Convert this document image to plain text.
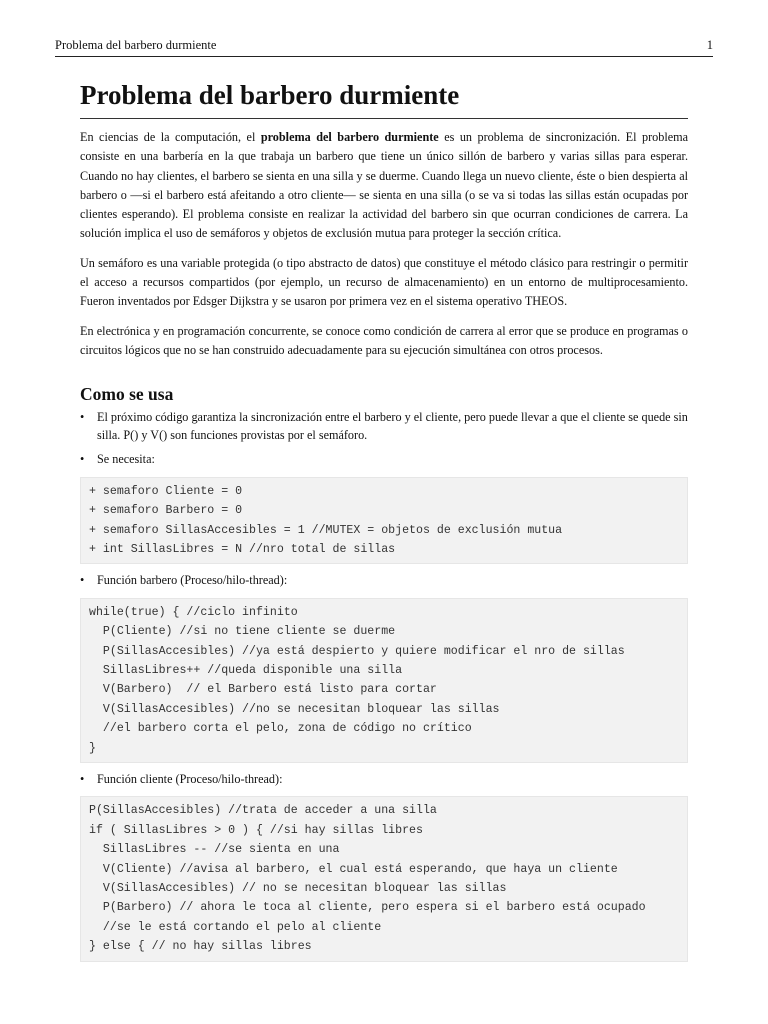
Problema del barbero durmiente	1
Problema del barbero durmiente

En ciencias de la computación, el problema del barbero durmiente es un problema de sincronización. El problema consiste en una barbería en la que trabaja un barbero que tiene un único sillón de barbero y varias sillas para esperar. Cuando no hay clientes, el barbero se sienta en una silla y se duerme. Cuando llega un nuevo cliente, éste o bien despierta al barbero o —si el barbero está afeitando a otro cliente— se sienta en una silla (o se va si todas las sillas están ocupadas por clientes esperando). El problema consiste en realizar la actividad del barbero sin que ocurran condiciones de carrera. La solución implica el uso de semáforos y objetos de exclusión mutua para proteger la sección crítica.

Un semáforo es una variable protegida (o tipo abstracto de datos) que constituye el método clásico para restringir o permitir el acceso a recursos compartidos (por ejemplo, un recurso de almacenamiento) en un entorno de multiprocesamiento. Fueron inventados por Edsger Dijkstra y se usaron por primera vez en el sistema operativo THEOS.

En electrónica y en programación concurrente, se conoce como condición de carrera al error que se produce en programas o circuitos lógicos que no se han construido adecuadamente para su ejecución simultánea con otros procesos.

Como se usa
• El próximo código garantiza la sincronización entre el barbero y el cliente, pero puede llevar a que el cliente se quede sin silla. P() y V() son funciones provistas por el semáforo.
• Se necesita:
+ semaforo Cliente = 0
+ semaforo Barbero = 0
+ semaforo SillasAccesibles = 1 //MUTEX = objetos de exclusión mutua
+ int SillasLibres = N //nro total de sillas
• Función barbero (Proceso/hilo-thread):
while(true) { //ciclo infinito
P(Cliente) //si no tiene cliente se duerme
P(SillasAccesibles) //ya está despierto y quiere modificar el nro de sillas
SillasLibres++ //queda disponible una silla
V(Barbero)  // el Barbero está listo para cortar
V(SillasAccesibles) //no se necesitan bloquear las sillas
//el barbero corta el pelo, zona de código no crítico
}
• Función cliente (Proceso/hilo-thread):
P(SillasAccesibles) //trata de acceder a una silla
if ( SillasLibres > 0 ) { //si hay sillas libres
SillasLibres -- //se sienta en una
V(Cliente) //avisa al barbero, el cual está esperando, que haya un cliente
V(SillasAccesibles) // no se necesitan bloquear las sillas
P(Barbero) // ahora le toca al cliente, pero espera si el barbero está ocupado
//se le está cortando el pelo al cliente
} else { // no hay sillas libres
